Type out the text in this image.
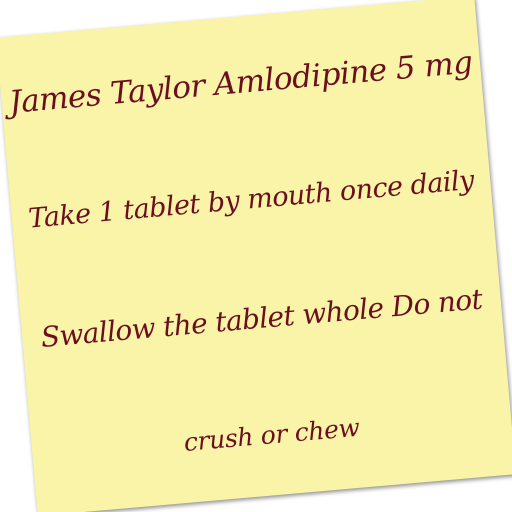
James Taylor Amlodipine 5 mg
Take 1 tablet by mouth once daily
Swallow the tablet whole Do not
crush or chew
